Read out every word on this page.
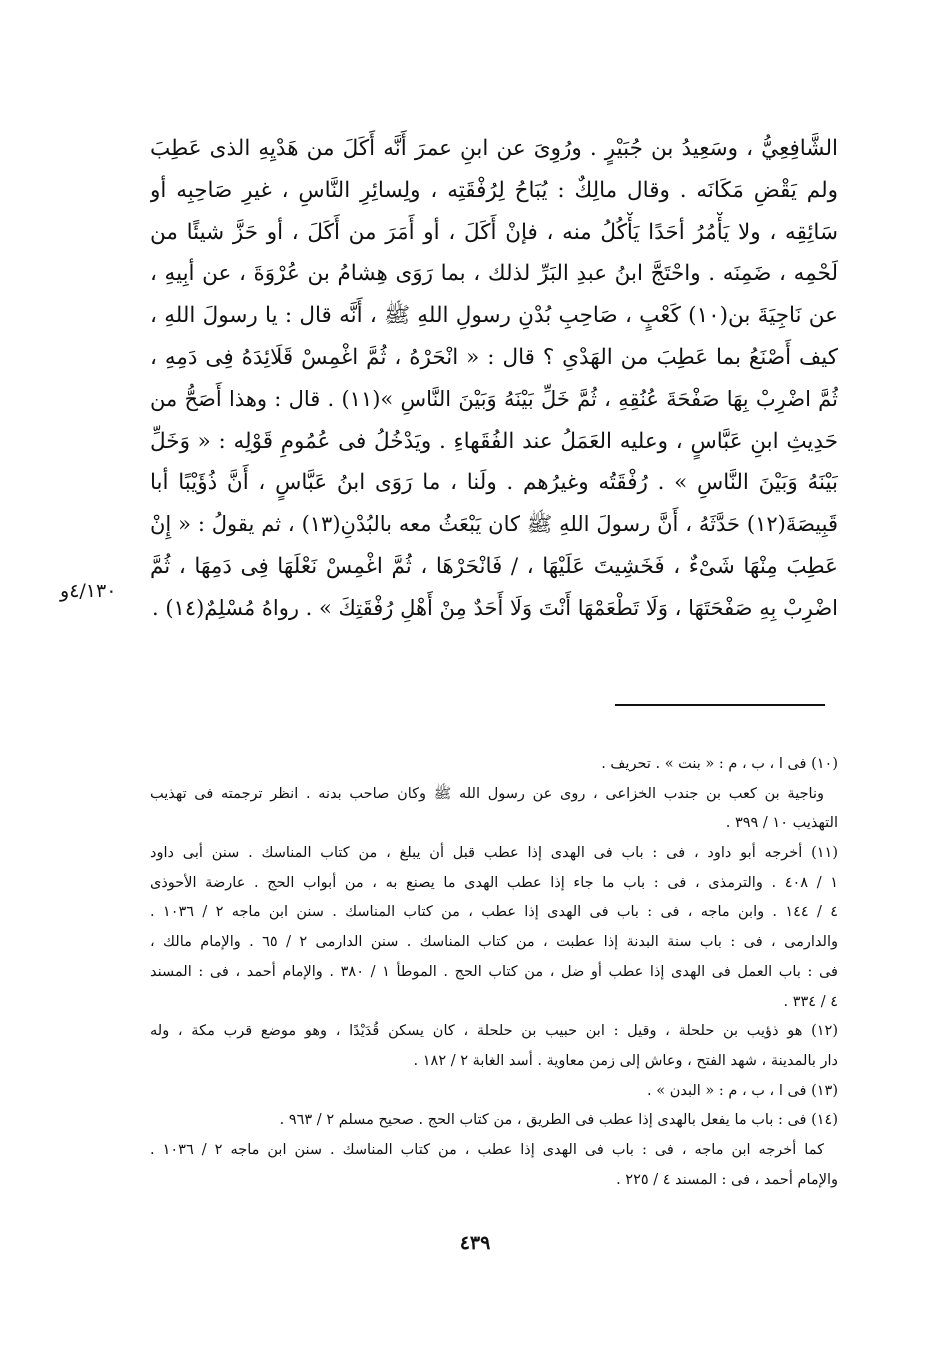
الشَّافِعِيُّ ، وسَعِيدُ بن جُبَيْرٍ . ورُوِىَ عن ابنِ عمرَ أَنَّه أَكَلَ من هَدْيِهِ الذى عَطِبَ
ولم يَقْضِ مَكَانَه . وقال مالِكٌ : يُبَاحُ لِرُفْقَتِه ، ولِسائِرِ النَّاسِ ، غيرِ صَاحِبِه أو
سَائِقِه ، ولا يَأْمُرُ أحَدًا يَأْكُلُ منه ، فإنْ أَكَلَ ، أو أَمَرَ من أَكَلَ ، أو حَزَّ شيئًا من
لَحْمِه ، ضَمِنَه . واحْتَجَّ ابنُ عبدِ البَرِّ لذلك ، بما رَوَى هِشامُ بن عُرْوَةَ ، عن أبِيهِ ،
عن نَاجِيَةَ بن(١٠) كَعْبٍ ، صَاحِبِ بُدْنِ رسولِ اللهِ ﷺ ، أَنَّه قال : يا رسولَ اللهِ ،
كيف أَصْنَعُ بما عَطِبَ من الهَدْىِ ؟ قال : « انْحَرْهُ ، ثُمَّ اغْمِسْ قَلَائِدَهُ فِى دَمِهِ ،
ثُمَّ اضْرِبْ بِهَا صَفْحَةَ عُنُقِهِ ، ثُمَّ خَلِّ بَيْنَهُ وَبَيْنَ النَّاسِ »(١١) . قال : وهذا أَصَحُّ من
حَدِيثِ ابنِ عَبَّاسٍ ، وعليه العَمَلُ عند الفُقَهاءِ . ويَدْخُلُ فى عُمُومِ قَوْلِه : « وَخَلِّ
بَيْنَهُ وَبَيْنَ النَّاسِ » . رُفْقَتُه وغيرُهم . ولَنا ، ما رَوَى ابنُ عَبَّاسٍ ، أَنَّ ذُؤَيْبًا أبا
قَبِيصَةَ(١٢) حَدَّثَهُ ، أَنَّ رسولَ اللهِ ﷺ كان يَبْعَثُ معه بالبُدْنِ(١٣) ، ثم يقولُ : « إِنْ
عَطِبَ مِنْهَا شَىْءٌ ، فَخَشِيتَ عَلَيْهَا ، / فَانْحَرْهَا ، ثُمَّ اغْمِسْ نَعْلَهَا فِى دَمِهَا ، ثُمَّ
اضْرِبْ بِهِ صَفْحَتَهَا ، وَلَا تَطْعَمْهَا أَنْتَ وَلَا أَحَدٌ مِنْ أَهْلِ رُفْقَتِكَ » . رواهُ مُسْلِمٌ(١٤) .
٤/١٣٠و
(١٠) فى ا ، ب ، م : « بنت » . تحريف .
وناجية بن كعب بن جندب الخزاعى ، روى عن رسول الله ﷺ وكان صاحب بدنه . انظر ترجمته فى تهذيب
التهذيب ١٠ / ٣٩٩ .
(١١) أخرجه أبو داود ، فى : باب فى الهدى إذا عطب قبل أن يبلغ ، من كتاب المناسك . سنن أبى داود
١ / ٤٠٨ . والترمذى ، فى : باب ما جاء إذا عطب الهدى ما يصنع به ، من أبواب الحج . عارضة الأحوذى
٤ / ١٤٤ . وابن ماجه ، فى : باب فى الهدى إذا عطب ، من كتاب المناسك . سنن ابن ماجه ٢ / ١٠٣٦ .
والدارمى ، فى : باب سنة البدنة إذا عطبت ، من كتاب المناسك . سنن الدارمى ٢ / ٦٥ . والإمام مالك ،
فى : باب العمل فى الهدى إذا عطب أو ضل ، من كتاب الحج . الموطأ ١ / ٣٨٠ . والإمام أحمد ، فى : المسند
٤ / ٣٣٤ .
(١٢) هو ذؤيب بن حلحلة ، وقيل : ابن حبيب بن حلحلة ، كان يسكن قُدَيْدًا ، وهو موضع قرب مكة ، وله
دار بالمدينة ، شهد الفتح ، وعاش إلى زمن معاوية . أسد الغابة ٢ / ١٨٢ .
(١٣) فى ا ، ب ، م : « البدن » .
(١٤) فى : باب ما يفعل بالهدى إذا عطب فى الطريق ، من كتاب الحج . صحيح مسلم ٢ / ٩٦٣ .
كما أخرجه ابن ماجه ، فى : باب فى الهدى إذا عطب ، من كتاب المناسك . سنن ابن ماجه ٢ / ١٠٣٦ .
والإمام أحمد ، فى : المسند ٤ / ٢٢٥ .
٤٣٩
